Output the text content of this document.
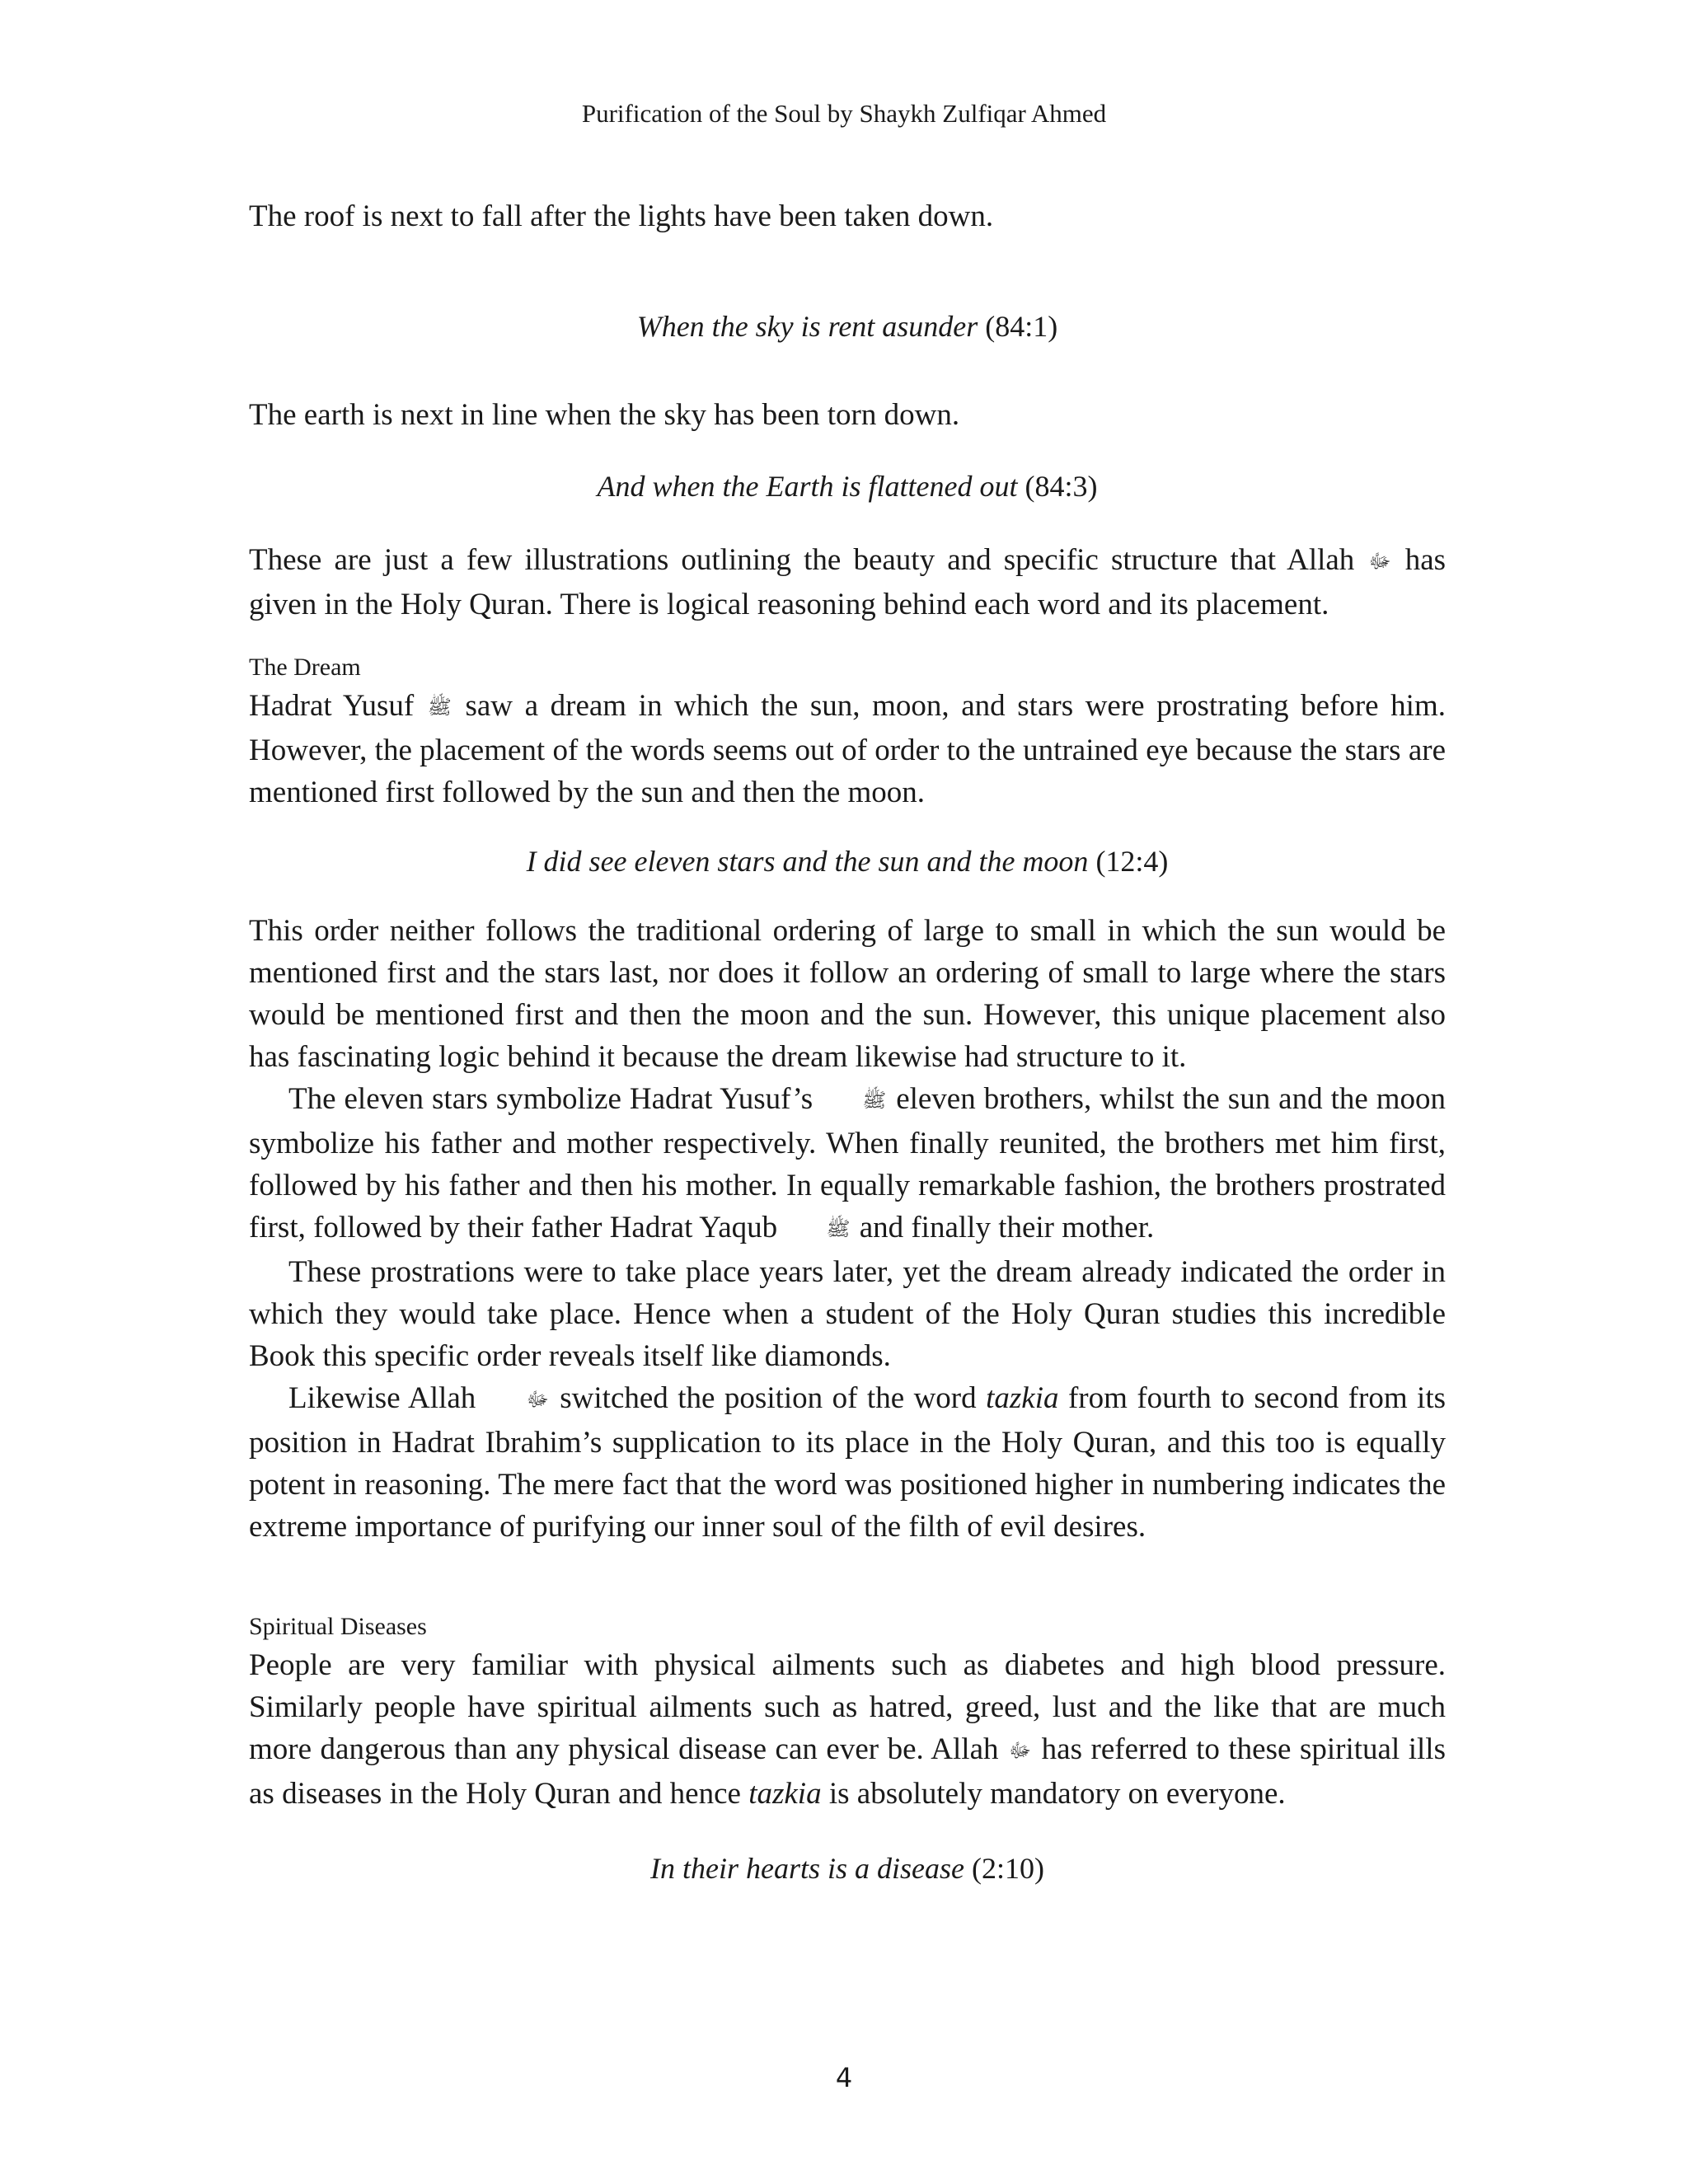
Purification of the Soul by Shaykh Zulfiqar Ahmed

The roof is next to fall after the lights have been taken down.

When the sky is rent asunder (84:1)

The earth is next in line when the sky has been torn down.

And when the Earth is flattened out (84:3)

These are just a few illustrations outlining the beauty and specific structure that Allah ﷻ has given in the Holy Quran. There is logical reasoning behind each word and its placement.

The Dream

Hadrat Yusuf ﷺ saw a dream in which the sun, moon, and stars were prostrating before him. However, the placement of the words seems out of order to the untrained eye because the stars are mentioned first followed by the sun and then the moon.

I did see eleven stars and the sun and the moon (12:4)

This order neither follows the traditional ordering of large to small in which the sun would be mentioned first and the stars last, nor does it follow an ordering of small to large where the stars would be mentioned first and then the moon and the sun. However, this unique placement also has fascinating logic behind it because the dream likewise had structure to it.

The eleven stars symbolize Hadrat Yusuf’s ﷺ eleven brothers, whilst the sun and the moon symbolize his father and mother respectively. When finally reunited, the brothers met him first, followed by his father and then his mother. In equally remarkable fashion, the brothers prostrated first, followed by their father Hadrat Yaqub ﷺ and finally their mother.

These prostrations were to take place years later, yet the dream already indicated the order in which they would take place. Hence when a student of the Holy Quran studies this incredible Book this specific order reveals itself like diamonds.

Likewise Allah	ﷻ switched the position of the word tazkia from fourth to second from its position in Hadrat Ibrahim’s supplication to its place in the Holy Quran, and this too is equally potent in reasoning. The mere fact that the word was positioned higher in numbering indicates the extreme importance of purifying our inner soul of the filth of evil desires.

Spiritual Diseases

People are very familiar with physical ailments such as diabetes and high blood pressure. Similarly people have spiritual ailments such as hatred, greed, lust and the like that are much more dangerous than any physical disease can ever be. Allah ﷻ has referred to these spiritual ills as diseases in the Holy Quran and hence tazkia is absolutely mandatory on everyone.

In their hearts is a disease (2:10)
4
